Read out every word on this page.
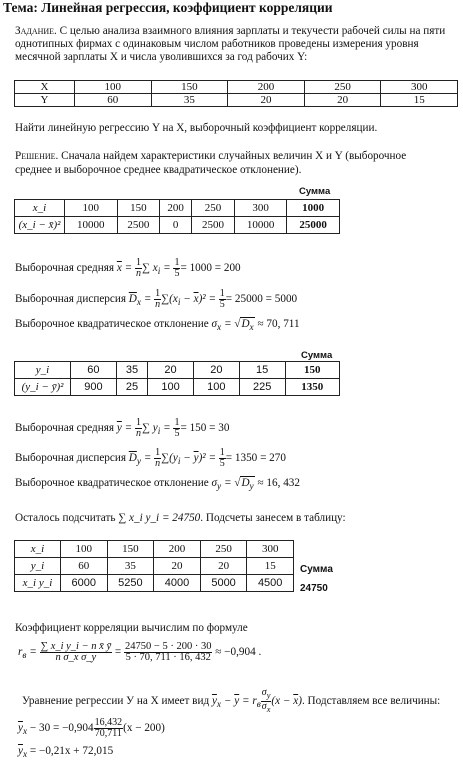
Тема: Линейная регрессия, коэффициент корреляции
Задание. С целью анализа взаимного влияния зарплаты и текучести рабочей силы на пяти
однотипных фирмах с одинаковым числом работников проведены измерения уровня
месячной зарплаты X и числа уволившихся за год рабочих Y:
X	100	150	200	250	300
Y	60	35	20	20	15
Найти линейную регрессию Y на X, выборочный коэффициент корреляции.
Решение. Сначала найдем характеристики случайных величин X и Y (выборочное
среднее и выборочное среднее квадратическое отклонение).
Сумма
x_i	100	150	200	250	300	1000
(x_i − x̄)²	10000	2500	0	2500	10000	25000
Выборочная средняя $\overline{x} = \frac{1}{n}$ ∑ $x_i = \frac{1}{5} = 1000 = 200$
Выборочная дисперсия $\overline{D}_x = \frac{1}{n} \sum(x_i - \overline{x})^2 = \frac{1}{5} = 25000 = 5000$
Выборочное квадратическое отклонение $\sigma_x = √D_x \approx 70$, 711
Сумма
y_i	60	35	20	20	15	150
(y_i − ȳ)²	900	25	100	100	225	1350
Выборочная средняя $\overline{y} = \frac{1}{n}$ ∑ $y_i = \frac{1}{5} = 150 = 30$
Выборочная дисперсия $\overline{D}_y = \frac{1}{n} \sum(y_i - \overline{y})^2 = \frac{1}{5} = 1350 = 270$
Выборочное квадратическое отклонение $\sigma_y = √D_y \approx 16$, 432
Осталось подсчитать ∑ x_i y_i = 24750. Подсчеты занесем в таблицу:
x_i	100	150	200	250	300
y_i	60	35	20	20	15
x_i y_i	6000	5250	4000	5000	4500
Сумма
24750
Коэффициент корреляции вычислим по формуле
$r_в = \frac{\text{∑ x\_i y\_i − n x̄ ȳ}}{\text{n σ\_x σ\_y}} = \frac{24750 - 5 \cdot 200 \cdot 30}{5 \cdot 70, 711 \cdot 16, 432} \approx -0,904$ .
Уравнение регрессии У на X имеет вид $\overline{y}_x - \overline{y} = r_в \frac{\sigma_y}{\sigma_x} (x - \overline{x})$. Подставляем все величины:
$\overline{y}_x - 30 = -0,904 \frac{16,432}{70,711} (x - 200)$
$\overline{y}_x = -0,21x + 72,015$
